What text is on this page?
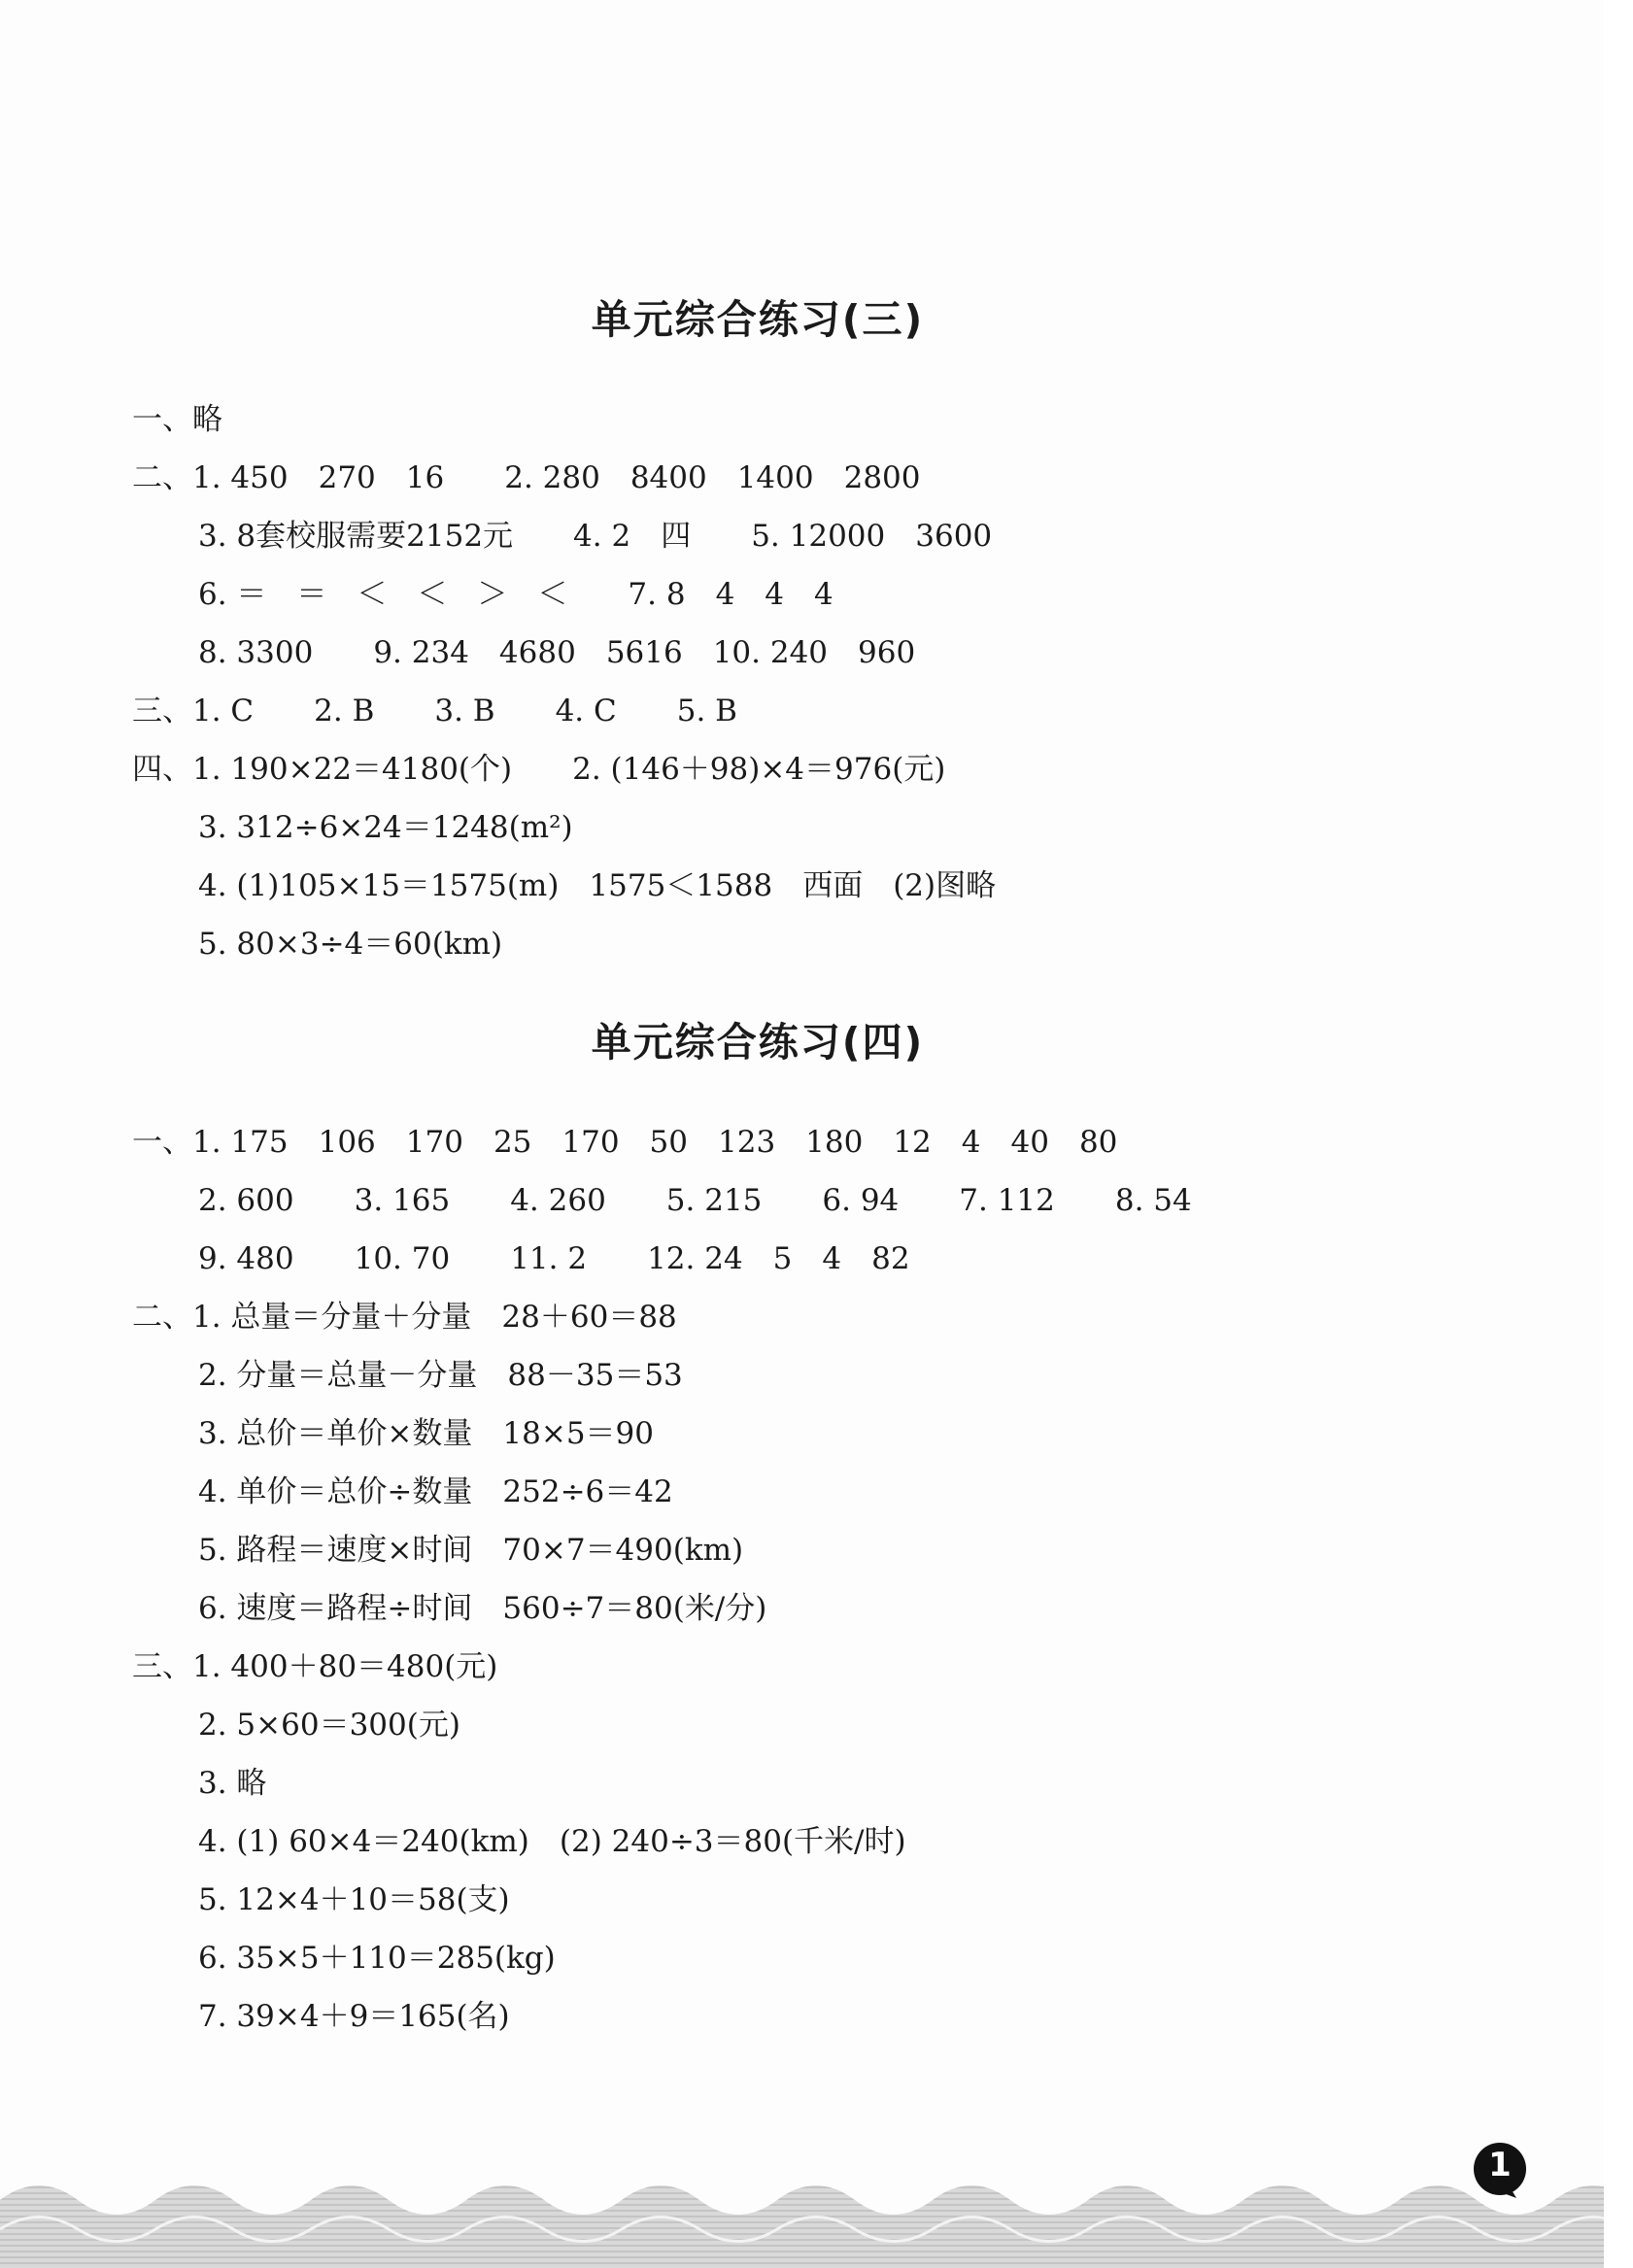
单元综合练习(三)
一、略
二、1. 450　270　16　　2. 280　8400　1400　2800
3. 8套校服需要2152元　　4. 2　四　　5. 12000　3600
6. ＝　＝　＜　＜　＞　＜　　7. 8　4　4　4
8. 3300　　9. 234　4680　5616　10. 240　960
三、1. C　　2. B　　3. B　　4. C　　5. B
四、1. 190×22＝4180(个)　　2. (146＋98)×4＝976(元)
3. 312÷6×24＝1248(m²)
4. (1)105×15＝1575(m)　1575＜1588　西面　(2)图略
5. 80×3÷4＝60(km)
单元综合练习(四)
一、1. 175　106　170　25　170　50　123　180　12　4　40　80
2. 600　　3. 165　　4. 260　　5. 215　　6. 94　　7. 112　　8. 54
9. 480　　10. 70　　11. 2　　12. 24　5　4　82
二、1. 总量＝分量＋分量　28＋60＝88
2. 分量＝总量－分量　88－35＝53
3. 总价＝单价×数量　18×5＝90
4. 单价＝总价÷数量　252÷6＝42
5. 路程＝速度×时间　70×7＝490(km)
6. 速度＝路程÷时间　560÷7＝80(米/分)
三、1. 400＋80＝480(元)
2. 5×60＝300(元)
3. 略
4. (1) 60×4＝240(km)　(2) 240÷3＝80(千米/时)
5. 12×4＋10＝58(支)
6. 35×5＋110＝285(kg)
7. 39×4＋9＝165(名)
1
